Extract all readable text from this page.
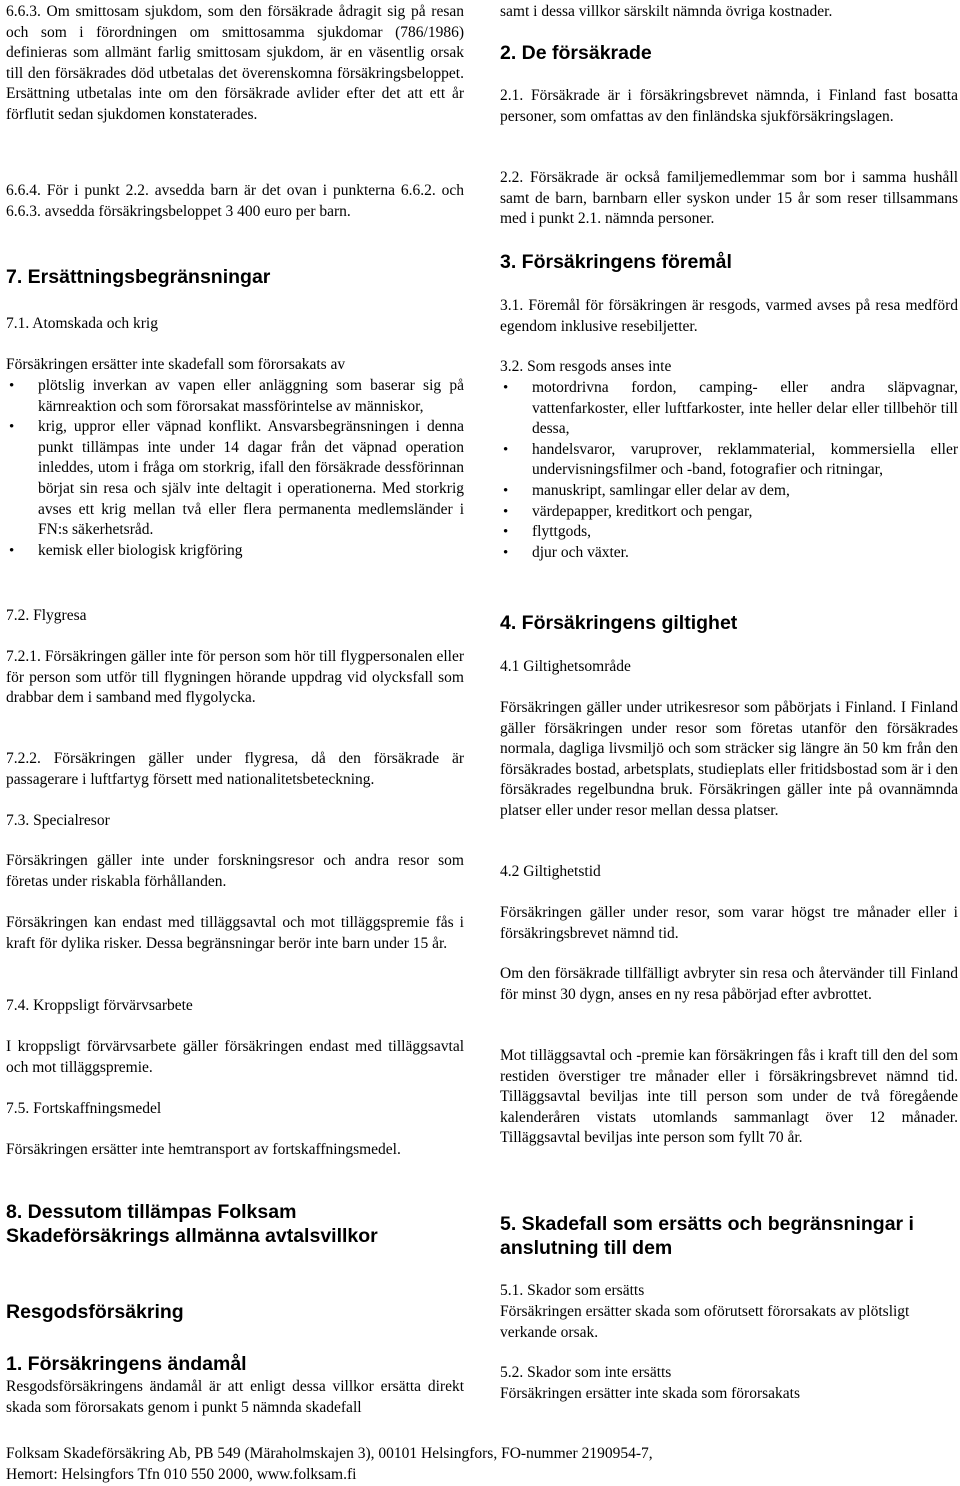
6.6.3. Om smittosam sjukdom, som den försäkrade ådragit sig på resan och som i förordningen om smittosamma sjukdomar (786/1986) definieras som allmänt farlig smittosam sjukdom, är en väsentlig orsak till den försäkrades död utbetalas det överenskomna försäkringsbeloppet. Ersättning utbetalas inte om den försäkrade avlider efter det att ett år förflutit sedan sjukdomen konstaterades.

6.6.4. För i punkt 2.2. avsedda barn är det ovan i punkterna 6.6.2. och 6.6.3. avsedda försäkringsbeloppet 3 400 euro per barn.

7. Ersättningsbegränsningar
7.1. Atomskada och krig
Försäkringen ersätter inte skadefall som förorsakats av
• plötslig inverkan av vapen eller anläggning som baserar sig på kärnreaktion och som förorsakat massförintelse av människor,
• krig, uppror eller väpnad konflikt. Ansvarsbegränsningen i denna punkt tillämpas inte under 14 dagar från det väpnad operation inleddes, utom i fråga om storkrig, ifall den försäkrade dessförinnan börjat sin resa och själv inte deltagit i operationerna. Med storkrig avses ett krig mellan två eller flera permanenta medlemsländer i FN:s säkerhetsråd.
• kemisk eller biologisk krigföring
7.2. Flygresa

7.2.1. Försäkringen gäller inte för person som hör till flygpersonalen eller för person som utför till flygningen hörande uppdrag vid olycksfall som drabbar dem i samband med flygolycka.

7.2.2. Försäkringen gäller under flygresa, då den försäkrade är passagerare i luftfartyg försett med nationalitetsbeteckning.

7.3. Specialresor

Försäkringen gäller inte under forskningsresor och andra resor som företas under riskabla förhållanden.

Försäkringen kan endast med tilläggsavtal och mot tilläggspremie fås i kraft för dylika risker. Dessa begränsningar berör inte barn under 15 år.

7.4. Kroppsligt förvärvsarbete

I kroppsligt förvärvsarbete gäller försäkringen endast med tilläggsavtal och mot tilläggspremie.

7.5. Fortskaffningsmedel

Försäkringen ersätter inte hemtransport av fortskaffningsmedel.

8. Dessutom tillämpas Folksam Skadeförsäkrings allmänna avtalsvillkor
Resgodsförsäkring
1. Försäkringens ändamål

Resgodsförsäkringens ändamål är att enligt dessa villkor ersätta direkt skada som förorsakats genom i punkt 5 nämnda skadefall

samt i dessa villkor särskilt nämnda övriga kostnader.

2. De försäkrade

2.1. Försäkrade är i försäkringsbrevet nämnda, i Finland fast bosatta personer, som omfattas av den finländska sjukförsäkringslagen.

2.2. Försäkrade är också familjemedlemmar som bor i samma hushåll samt de barn, barnbarn eller syskon under 15 år som reser tillsammans med i punkt 2.1. nämnda personer.

3. Försäkringens föremål

3.1. Föremål för försäkringen är resgods, varmed avses på resa medförd egendom inklusive resebiljetter.

3.2. Som resgods anses inte
• motordrivna fordon, camping- eller andra släpvagnar, vattenfarkoster, eller luftfarkoster, inte heller delar eller tillbehör till dessa,
• handelsvaror, varuprover, reklammaterial, kommersiella eller undervisningsfilmer och -band, fotografier och ritningar,
• manuskript, samlingar eller delar av dem,
• värdepapper, kreditkort och pengar,
• flyttgods,
• djur och växter.
4. Försäkringens giltighet
4.1 Giltighetsområde

Försäkringen gäller under utrikesresor som påbörjats i Finland. I Finland gäller försäkringen under resor som företas utanför den försäkrades normala, dagliga livsmiljö och som sträcker sig längre än 50 km från den försäkrades bostad, arbetsplats, studieplats eller fritidsbostad som är i den försäkrades regelbundna bruk. Försäkringen gäller inte på ovannämnda platser eller under resor mellan dessa platser.

4.2 Giltighetstid

Försäkringen gäller under resor, som varar högst tre månader eller i försäkringsbrevet nämnd tid.

Om den försäkrade tillfälligt avbryter sin resa och återvänder till Finland för minst 30 dygn, anses en ny resa påbörjad efter avbrottet.

Mot tilläggsavtal och -premie kan försäkringen fås i kraft till den del som restiden överstiger tre månader eller i försäkringsbrevet nämnd tid. Tilläggsavtal beviljas inte till person som under de två föregående kalenderåren vistats utomlands sammanlagt över 12 månader. Tilläggsavtal beviljas inte person som fyllt 70 år.

5. Skadefall som ersätts och begränsningar i anslutning till dem
5.1. Skador som ersätts

Försäkringen ersätter skada som oförutsett förorsakats av plötsligt verkande orsak.

5.2. Skador som inte ersätts

Försäkringen ersätter inte skada som förorsakats

Folksam Skadeförsäkring Ab, PB 549 (Märaholmskajen 3), 00101 Helsingfors, FO-nummer 2190954-7,
Hemort: Helsingfors Tfn 010 550 2000, www.folksam.fi
